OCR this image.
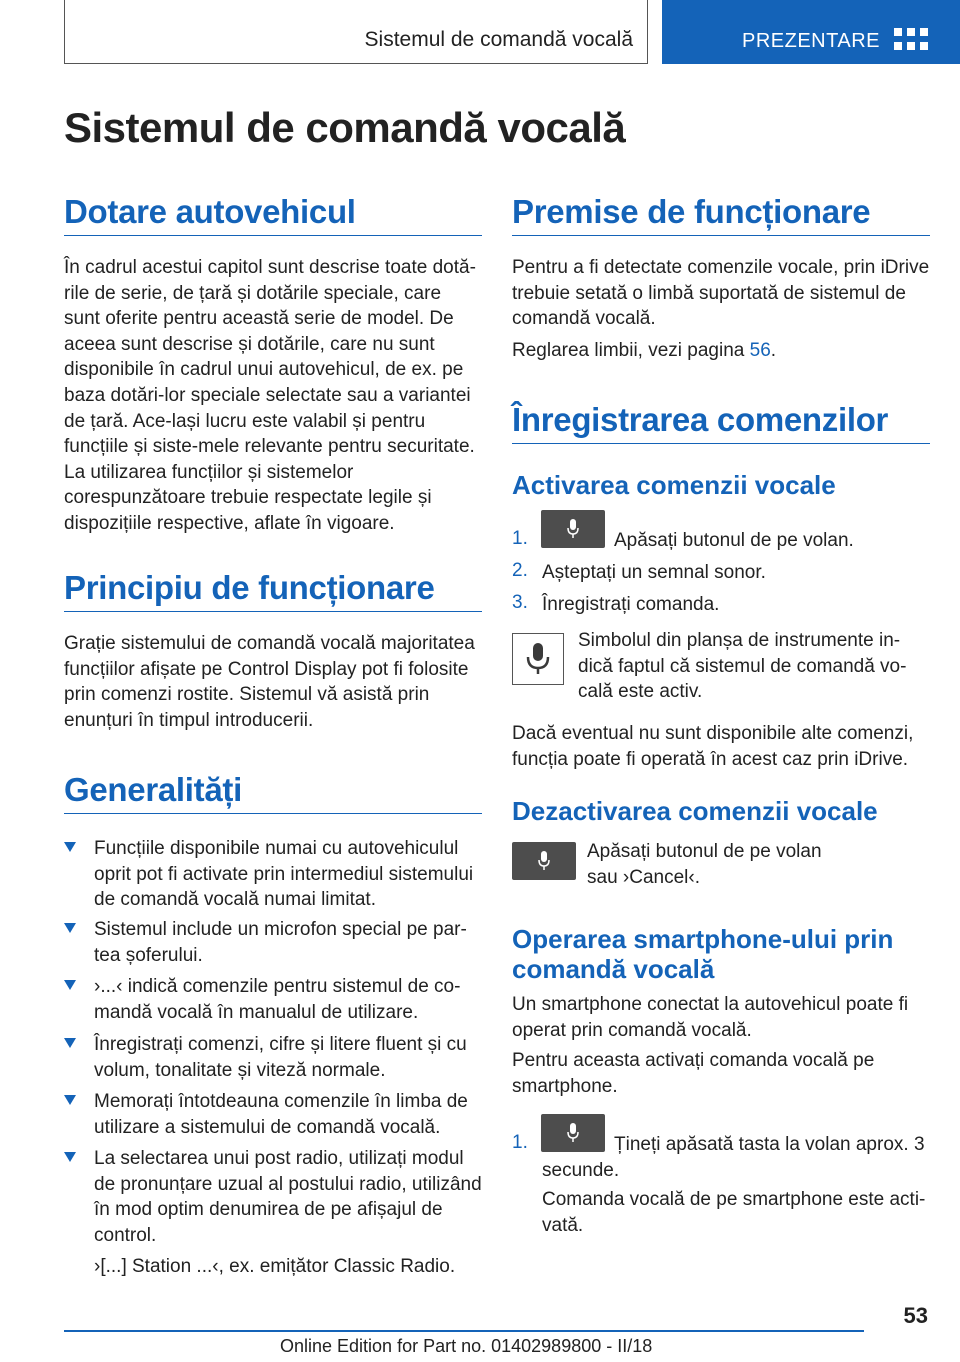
Sistemul de comandă vocală	PREZENTARE
Sistemul de comandă vocală
Dotare autovehicul

În cadrul acestui capitol sunt descrise toate dotă-rile de serie, de țară și dotările speciale, care sunt oferite pentru această serie de model. De aceea sunt descrise și dotările, care nu sunt disponibile în cadrul unui autovehicul, de ex. pe baza dotări-lor speciale selectate sau a variantei de țară. Ace-lași lucru este valabil și pentru funcțiile și siste-mele relevante pentru securitate. La utilizarea funcțiilor și sistemelor corespunzătoare trebuie respectate legile și dispozițiile respective, aflate în vigoare.

Principiu de funcționare

Grație sistemului de comandă vocală majoritatea funcțiilor afișate pe Control Display pot fi folosite prin comenzi rostite. Sistemul vă asistă prin enunțuri în timpul introducerii.

Generalități

Funcțiile disponibile numai cu autovehiculul oprit pot fi activate prin intermediul sistemului de comandă vocală numai limitat.

Sistemul include un microfon special pe par-tea șoferului.

›...‹ indică comenzile pentru sistemul de co-mandă vocală în manualul de utilizare.

Înregistrați comenzi, cifre și litere fluent și cu volum, tonalitate și viteză normale.

Memorați întotdeauna comenzile în limba de utilizare a sistemului de comandă vocală.

La selectarea unui post radio, utilizați modul de pronunțare uzual al postului radio, utilizând în mod optim denumirea de pe afișajul de control.

›[...] Station ...‹, ex. emițător Classic Radio.

Premise de funcționare

Pentru a fi detectate comenzile vocale, prin iDrive trebuie setată o limbă suportată de sistemul de comandă vocală.

Reglarea limbii, vezi pagina 56.

Înregistrarea comenzilor
Activarea comenzii vocale
1.	Apăsați butonul de pe volan.
2. Așteptați un semnal sonor.
3. Înregistrați comanda.

Simbolul din planșa de instrumente in-dică faptul că sistemul de comandă vo-cală este activ.

Dacă eventual nu sunt disponibile alte comenzi, funcția poate fi operată în acest caz prin iDrive.

Dezactivarea comenzii vocale

Apăsați butonul de pe volan sau ›Cancel‹.

Operarea smartphone-ului prin comandă vocală

Un smartphone conectat la autovehicul poate fi operat prin comandă vocală.

Pentru aceasta activați comanda vocală pe smartphone.

1.	Țineți apăsată tasta la volan aprox. 3 secunde.

Comanda vocală de pe smartphone este acti-vată.

53
Online Edition for Part no. 01402989800 - II/18
